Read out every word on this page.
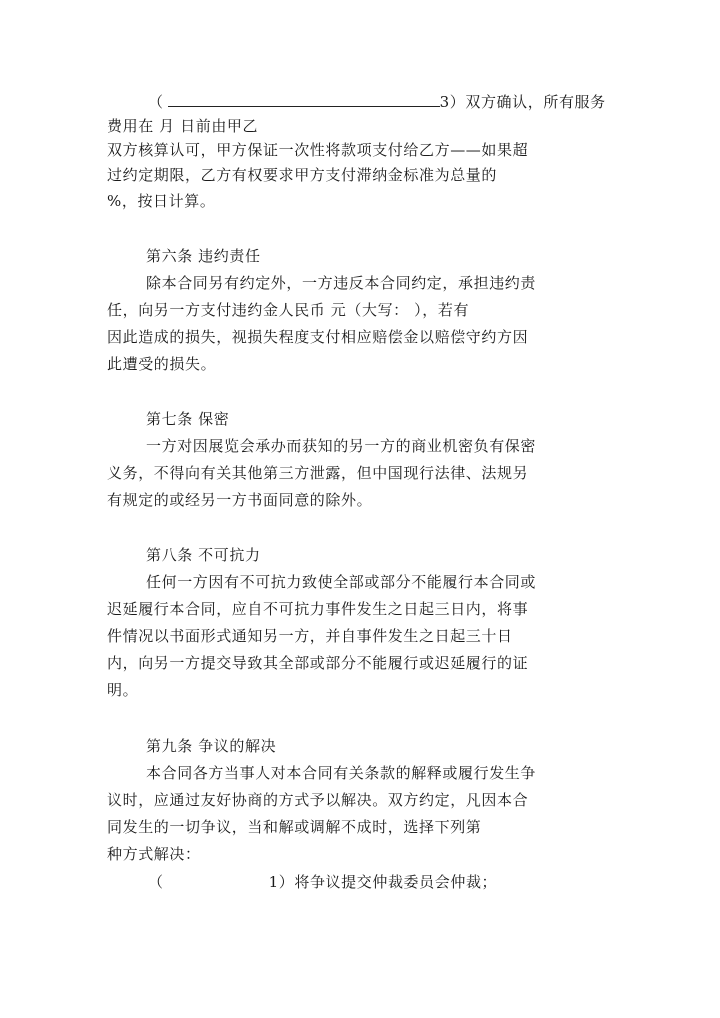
（	3）双方确认，所有服务
费用在 月 日前由甲乙
双方核算认可，甲方保证一次性将款项支付给乙方——如果超
过约定期限，乙方有权要求甲方支付滞纳金标准为总量的
%，按日计算。
第六条 违约责任
除本合同另有约定外，一方违反本合同约定，承担违约责
任，向另一方支付违约金人民币 元（大写： ），若有
因此造成的损失，视损失程度支付相应赔偿金以赔偿守约方因
此遭受的损失。
第七条 保密
一方对因展览会承办而获知的另一方的商业机密负有保密
义务，不得向有关其他第三方泄露，但中国现行法律、法规另
有规定的或经另一方书面同意的除外。
第八条 不可抗力
任何一方因有不可抗力致使全部或部分不能履行本合同或
迟延履行本合同，应自不可抗力事件发生之日起三日内，将事
件情况以书面形式通知另一方，并自事件发生之日起三十日
内，向另一方提交导致其全部或部分不能履行或迟延履行的证
明。
第九条 争议的解决
本合同各方当事人对本合同有关条款的解释或履行发生争
议时，应通过友好协商的方式予以解决。双方约定，凡因本合
同发生的一切争议，当和解或调解不成时，选择下列第
种方式解决：
（	1）将争议提交仲裁委员会仲裁；
